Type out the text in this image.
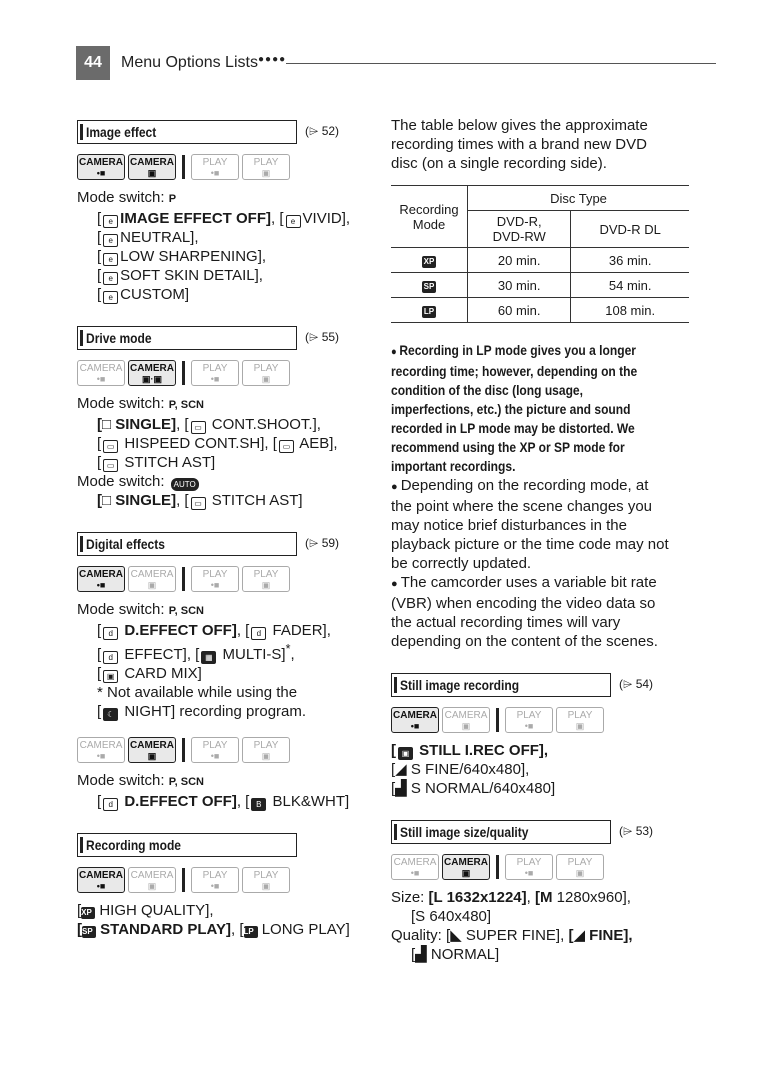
44	Menu Options Lists ●●●●
Image effect	(⌲ 52)
CAMERA
•■
CAMERA
▣
PLAY
•■
PLAY
▣
Mode switch: P
[ e IMAGE EFFECT OFF], [ e VIVID],
[ e NEUTRAL],
[ e LOW SHARPENING],
[ e SOFT SKIN DETAIL],
[ e CUSTOM]
Drive mode	(⌲ 55)
CAMERA
•■
CAMERA
▣·▣
PLAY
•■
PLAY
▣
Mode switch: P, SCN
[□ SINGLE], [ ▭ CONT.SHOOT.],
[ ▭ HISPEED CONT.SH], [ ▭ AEB],
[ ▭ STITCH AST]
Mode switch: AUTO
[□ SINGLE], [ ▭ STITCH AST]
Digital effects	(⌲ 59)
CAMERA
•■
CAMERA
▣
PLAY
•■
PLAY
▣
Mode switch: P, SCN
[ d D.EFFECT OFF], [ d FADER],
[ d EFFECT], [ ▦ MULTI-S]*,
[ ▣ CARD MIX]
* Not available while using the
[ ☾ NIGHT] recording program.
CAMERA
•■
CAMERA
▣
PLAY
•■
PLAY
▣
Mode switch: P, SCN
[ d D.EFFECT OFF], [ B BLK&WHT]
Recording mode
CAMERA
•■
CAMERA
▣
PLAY
•■
PLAY
▣
[XP HIGH QUALITY],
[SP STANDARD PLAY], [LP LONG PLAY]
The table below gives the approximate
recording times with a brand new DVD
disc (on a single recording side).
Recording
Mode	Disc Type	
	DVD-R,
DVD-RW	DVD-R DL
XP	20 min.	36 min.
SP	30 min.	54 min.
LP	60 min.	108 min.
● Recording in LP mode gives you a longer
recording time; however, depending on the
condition of the disc (long usage,
imperfections, etc.) the picture and sound
recorded in LP mode may be distorted. We
recommend using the XP or SP mode for
important recordings.
● Depending on the recording mode, at
the point where the scene changes you
may notice brief disturbances in the
playback picture or the time code may not
be correctly updated.
● The camcorder uses a variable bit rate
(VBR) when encoding the video data so
the actual recording times will vary
depending on the content of the scenes.
Still image recording	(⌲ 54)
CAMERA
•■
CAMERA
▣
PLAY
•■
PLAY
▣
[ ▣ STILL I.REC OFF],
[◢ S FINE/640x480],
[▟ S NORMAL/640x480]
Still image size/quality	(⌲ 53)
CAMERA
•■
CAMERA
▣
PLAY
•■
PLAY
▣
Size: [L 1632x1224], [M 1280x960],
[S 640x480]
Quality: [◣ SUPER FINE], [◢ FINE],
[▟ NORMAL]
